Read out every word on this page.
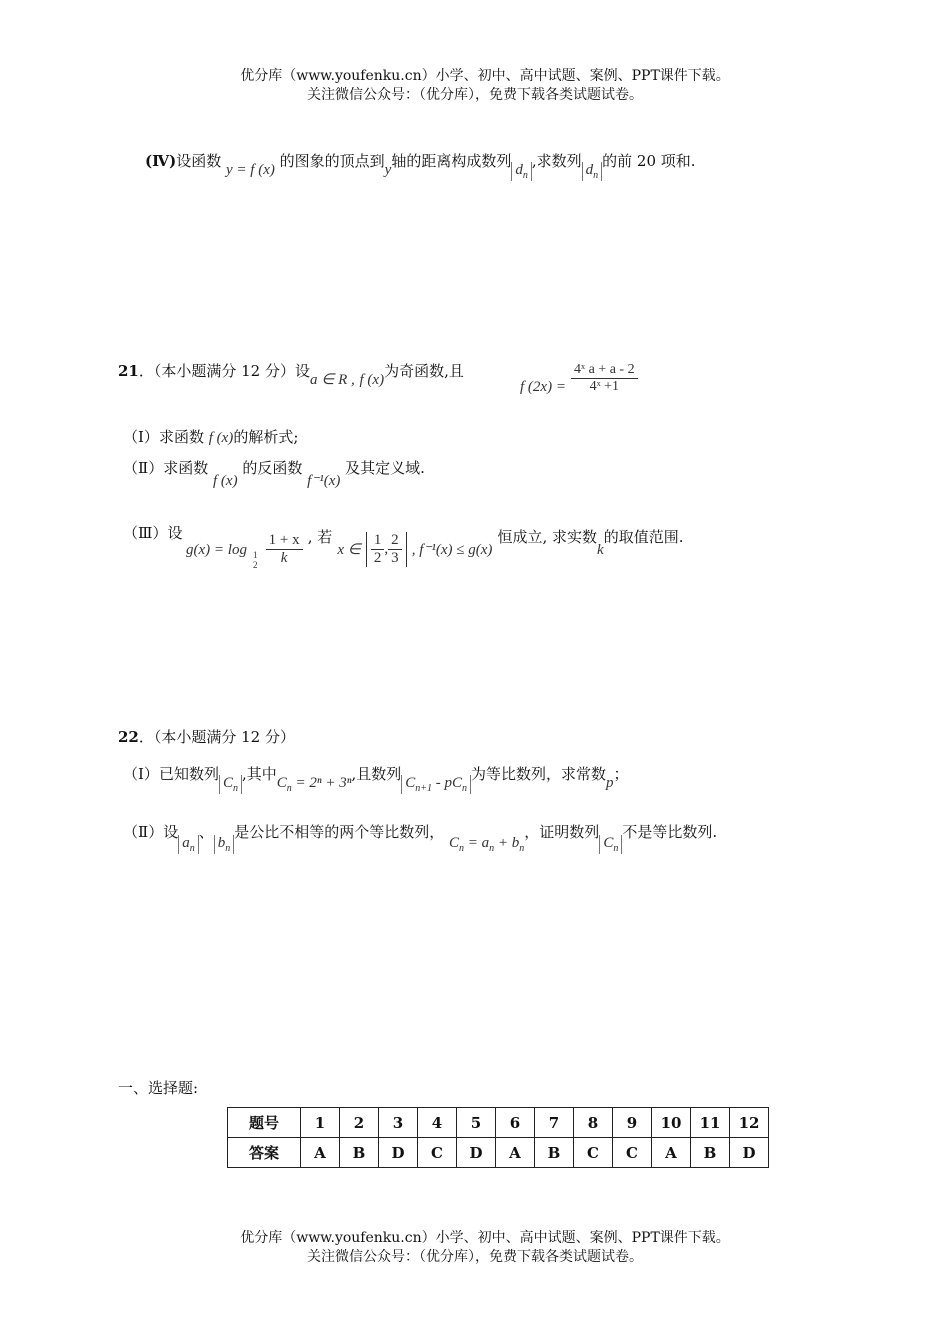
优分库（www.youfenku.cn）小学、初中、高中试题、案例、PPT课件下载。
关注微信公众号：（优分库），免费下载各类试题试卷。
(Ⅳ)设函数 y = f (x) 的图象的顶点到y轴的距离构成数列 $d_n$,求数列 $d_n$的前 20 项和.
21．（本小题满分 12 分）设a ∈ R , f (x)为奇函数,且
f $(2x) = \frac{\text{4ˣ a + a - 2}}{\text{4ˣ +1}}$
（Ⅰ）求函数 f (x)的解析式;
（Ⅱ）求函数 f (x) 的反函数 f⁻¹(x) 及其定义域.
（Ⅲ）设
g(x) = log 1
2
$\frac{1 + x}{k}$ , 若 x ∈ $\frac{1}{2}$ , $\frac{2}{3}$ , f⁻¹(x) ≤ g(x) 恒成立, 求实数k的取值范围.
22．（本小题满分 12 分）
（Ⅰ）已知数列 $C_n$,其中$C_n = 2^n + 3^n$,且数列 $C_{n+1} - pC_n$为等比数列，求常数p；
（Ⅱ）设$a_n$、$b_n$是公比不相等的两个等比数列， $C_n = a_n + b_n$，证明数列$C_n$不是等比数列.
一、选择题:
题号	1	2	3	4	5	6	7	8	9	10	11	12
答案	A	B	D	C	D	A	B	C	C	A	B	D
优分库（www.youfenku.cn）小学、初中、高中试题、案例、PPT课件下载。
关注微信公众号：（优分库），免费下载各类试题试卷。
